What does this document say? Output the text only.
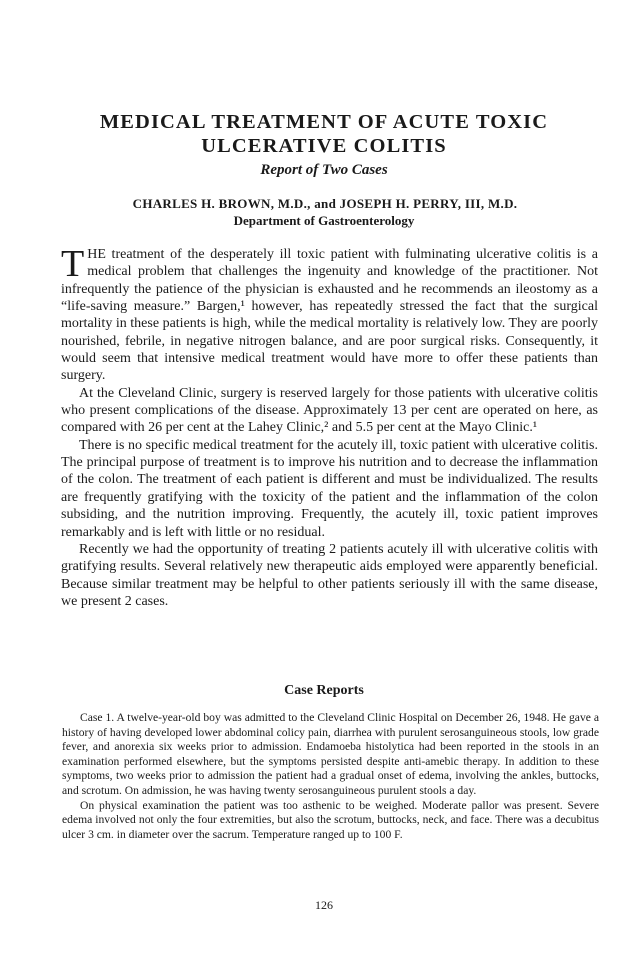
MEDICAL TREATMENT OF ACUTE TOXIC
ULCERATIVE COLITIS

Report of Two Cases

CHARLES H. BROWN, M.D., and JOSEPH H. PERRY, III, M.D.

Department of Gastroenterology

THE treatment of the desperately ill toxic patient with fulminating ulcerative colitis is a medical problem that challenges the ingenuity and knowledge of the practitioner. Not infrequently the patience of the physician is exhausted and he recommends an ileostomy as a “life-saving measure.” Bargen,¹ however, has repeatedly stressed the fact that the surgical mortality in these patients is high, while the medical mortality is relatively low. They are poorly nourished, febrile, in negative nitrogen balance, and are poor surgical risks. Consequently, it would seem that intensive medical treatment would have more to offer these patients than surgery.

At the Cleveland Clinic, surgery is reserved largely for those patients with ulcerative colitis who present complications of the disease. Approximately 13 per cent are operated on here, as compared with 26 per cent at the Lahey Clinic,² and 5.5 per cent at the Mayo Clinic.¹

There is no specific medical treatment for the acutely ill, toxic patient with ulcerative colitis. The principal purpose of treatment is to improve his nutrition and to decrease the inflammation of the colon. The treatment of each patient is different and must be individualized. The results are frequently gratifying with the toxicity of the patient and the inflammation of the colon subsiding, and the nutrition improving. Frequently, the acutely ill, toxic patient improves remarkably and is left with little or no residual.

Recently we had the opportunity of treating 2 patients acutely ill with ulcerative colitis with gratifying results. Several relatively new therapeutic aids employed were apparently beneficial. Because similar treatment may be helpful to other patients seriously ill with the same disease, we present 2 cases.

Case Reports

Case 1. A twelve-year-old boy was admitted to the Cleveland Clinic Hospital on December 26, 1948. He gave a history of having developed lower abdominal colicy pain, diarrhea with purulent serosanguineous stools, low grade fever, and anorexia six weeks prior to admission. Endamoeba histolytica had been reported in the stools in an examination performed elsewhere, but the symptoms persisted despite anti-amebic therapy. In addition to these symptoms, two weeks prior to admission the patient had a gradual onset of edema, involving the ankles, buttocks, and scrotum. On admission, he was having twenty serosanguineous purulent stools a day.

On physical examination the patient was too asthenic to be weighed. Moderate pallor was present. Severe edema involved not only the four extremities, but also the scrotum, buttocks, neck, and face. There was a decubitus ulcer 3 cm. in diameter over the sacrum. Temperature ranged up to 100 F.

126
